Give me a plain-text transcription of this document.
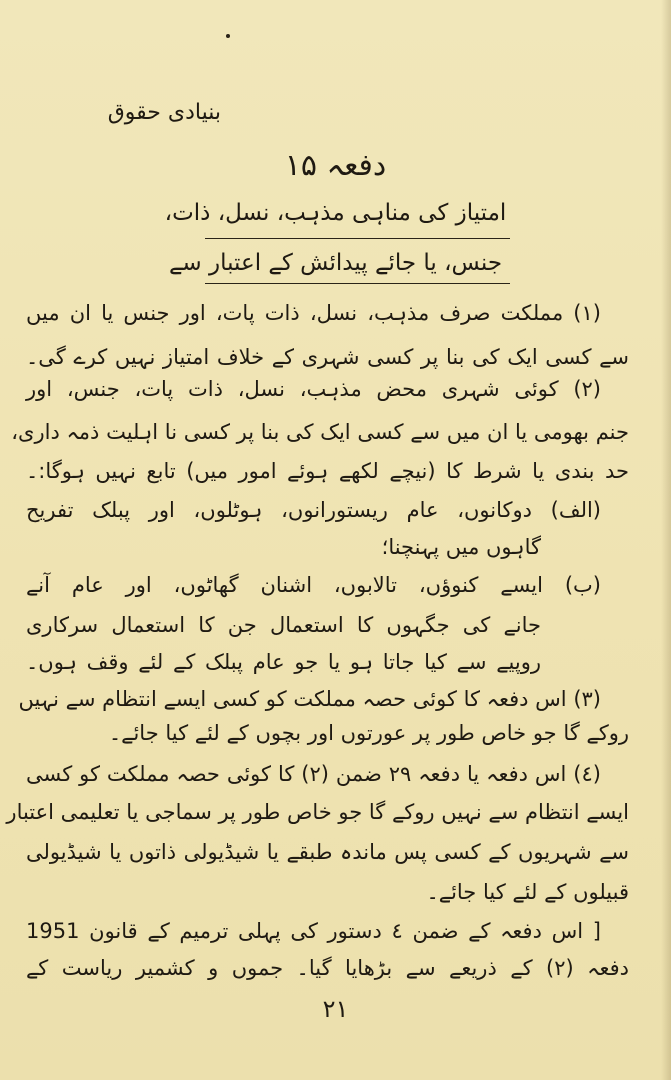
بنیادی حقوق
دفعہ ۱۵
امتیاز کی مناہی مذہب، نسل، ذات،
جنس، یا جائے پیدائش کے اعتبار سے
(۱) مملکت صرف مذہب، نسل، ذات پات، اور جنس یا ان میں
سے کسی ایک کی بنا پر کسی شہری کے خلاف امتیاز نہیں کرے گی۔
(۲) کوئی شہری محض مذہب، نسل، ذات پات، جنس، اور
جنم بھومی یا ان میں سے کسی ایک کی بنا پر کسی نا اہلیت ذمہ داری،
حد بندی یا شرط کا (نیچے لکھے ہوئے امور میں) تابع نہیں ہوگا:۔
(الف) دوکانوں، عام ریستورانوں، ہوٹلوں، اور پبلک تفریح
گاہوں میں پہنچنا؛
(ب) ایسے کنوؤں، تالابوں، اشنان گھاٹوں، اور عام آنے
جانے کی جگہوں کا استعمال جن کا استعمال سرکاری
روپیے سے کیا جاتا ہو یا جو عام پبلک کے لئے وقف ہوں۔
(۳) اس دفعہ کا کوئی حصہ مملکت کو کسی ایسے انتظام سے نہیں
روکے گا جو خاص طور پر عورتوں اور بچوں کے لئے کیا جائے۔
(٤) اس دفعہ یا دفعہ ۲۹ ضمن (۲) کا کوئی حصہ مملکت کو کسی
ایسے انتظام سے نہیں روکے گا جو خاص طور پر سماجی یا تعلیمی اعتبار
سے شہریوں کے کسی پس ماندہ طبقے یا شیڈیولی ذاتوں یا شیڈیولی
قبیلوں کے لئے کیا جائے۔
[ اس دفعہ کے ضمن ٤ دستور کی پہلی ترمیم کے قانون 1951
دفعہ (۲) کے ذریعے سے بڑھایا گیا۔ جموں و کشمیر ریاست کے
۲۱
